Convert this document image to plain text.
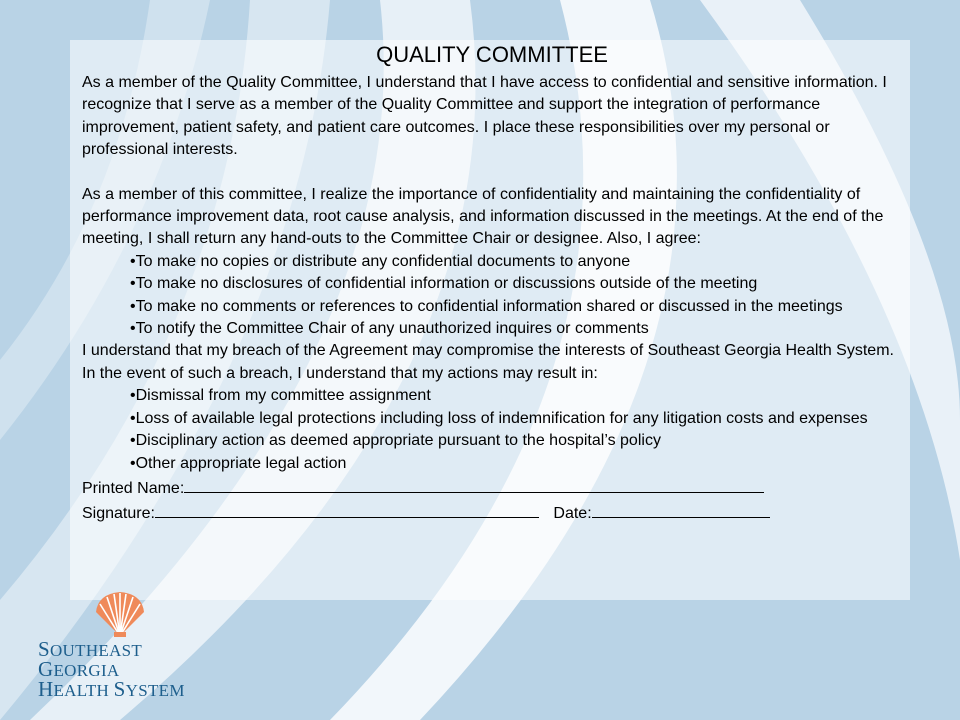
QUALITY COMMITTEE

As a member of the Quality Committee, I understand that I have access to confidential and sensitive information. I recognize that I serve as a member of the Quality Committee and support the integration of performance improvement, patient safety, and patient care outcomes. I place these responsibilities over my personal or professional interests.

As a member of this committee, I realize the importance of confidentiality and maintaining the confidentiality of performance improvement data, root cause analysis, and information discussed in the meetings. At the end of the meeting, I shall return any hand-outs to the Committee Chair or designee. Also, I agree:

•To make no copies or distribute any confidential documents to anyone
•To make no disclosures of confidential information or discussions outside of the meeting
•To make no comments or references to confidential information shared or discussed in the meetings
•To notify the Committee Chair of any unauthorized inquires or comments

I understand that my breach of the Agreement may compromise the interests of Southeast Georgia Health System. In the event of such a breach, I understand that my actions may result in:

•Dismissal from my committee assignment
•Loss of available legal protections including loss of indemnification for any litigation costs and expenses
•Disciplinary action as deemed appropriate pursuant to the hospital’s policy
•Other appropriate legal action
Printed Name:
Signature:	Date:
SOUTHEAST GEORGIA
HEALTH SYSTEM
